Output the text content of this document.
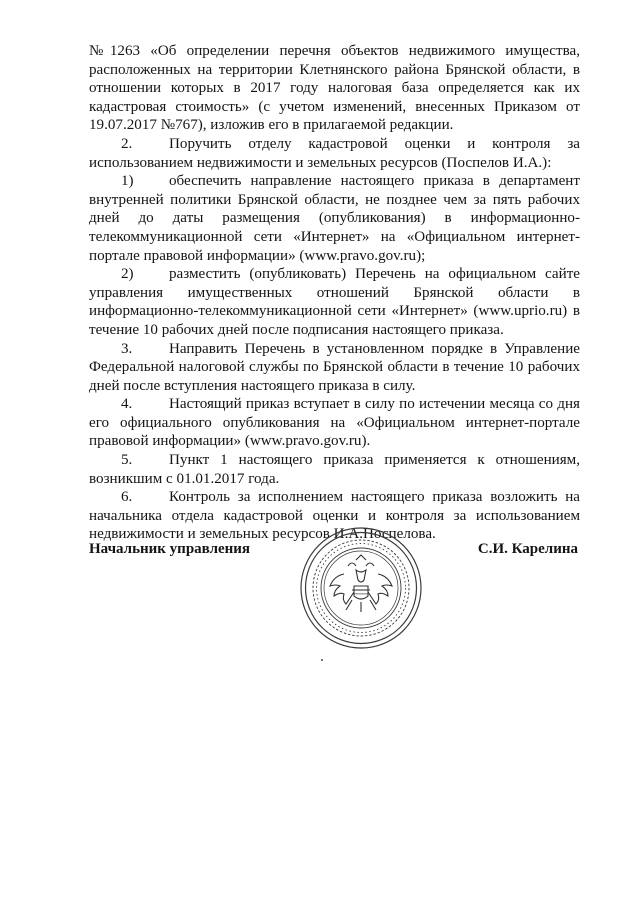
№1263 «Об определении перечня объектов недвижимого имущества, расположенных на территории Клетнянского района Брянской области, в отношении которых в 2017 году налоговая база определяется как их кадастровая стоимость» (с учетом изменений, внесенных Приказом от 19.07.2017 №767), изложив его в прилагаемой редакции.

2. Поручить отделу кадастровой оценки и контроля за использованием недвижимости и земельных ресурсов (Поспелов И.А.):

1) обеспечить направление настоящего приказа в департамент внутренней политики Брянской области, не позднее чем за пять рабочих дней до даты размещения (опубликования) в информационно-телекоммуникационной сети «Интернет» на «Официальном интернет-портале правовой информации» (www.pravo.gov.ru);

2) разместить (опубликовать) Перечень на официальном сайте управления имущественных отношений Брянской области в информационно-телекоммуникационной сети «Интернет» (www.uprio.ru) в течение 10 рабочих дней после подписания настоящего приказа.

3. Направить Перечень в установленном порядке в Управление Федеральной налоговой службы по Брянской области в течение 10 рабочих дней после вступления настоящего приказа в силу.

4. Настоящий приказ вступает в силу по истечении месяца со дня его официального опубликования на «Официальном интернет-портале правовой информации» (www.pravo.gov.ru).

5. Пункт 1 настоящего приказа применяется к отношениям, возникшим с 01.01.2017 года.

6. Контроль за исполнением настоящего приказа возложить на начальника отдела кадастровой оценки и контроля за использованием недвижимости и земельных ресурсов И.А.Поспелова.

Начальник управления	С.И. Карелина
